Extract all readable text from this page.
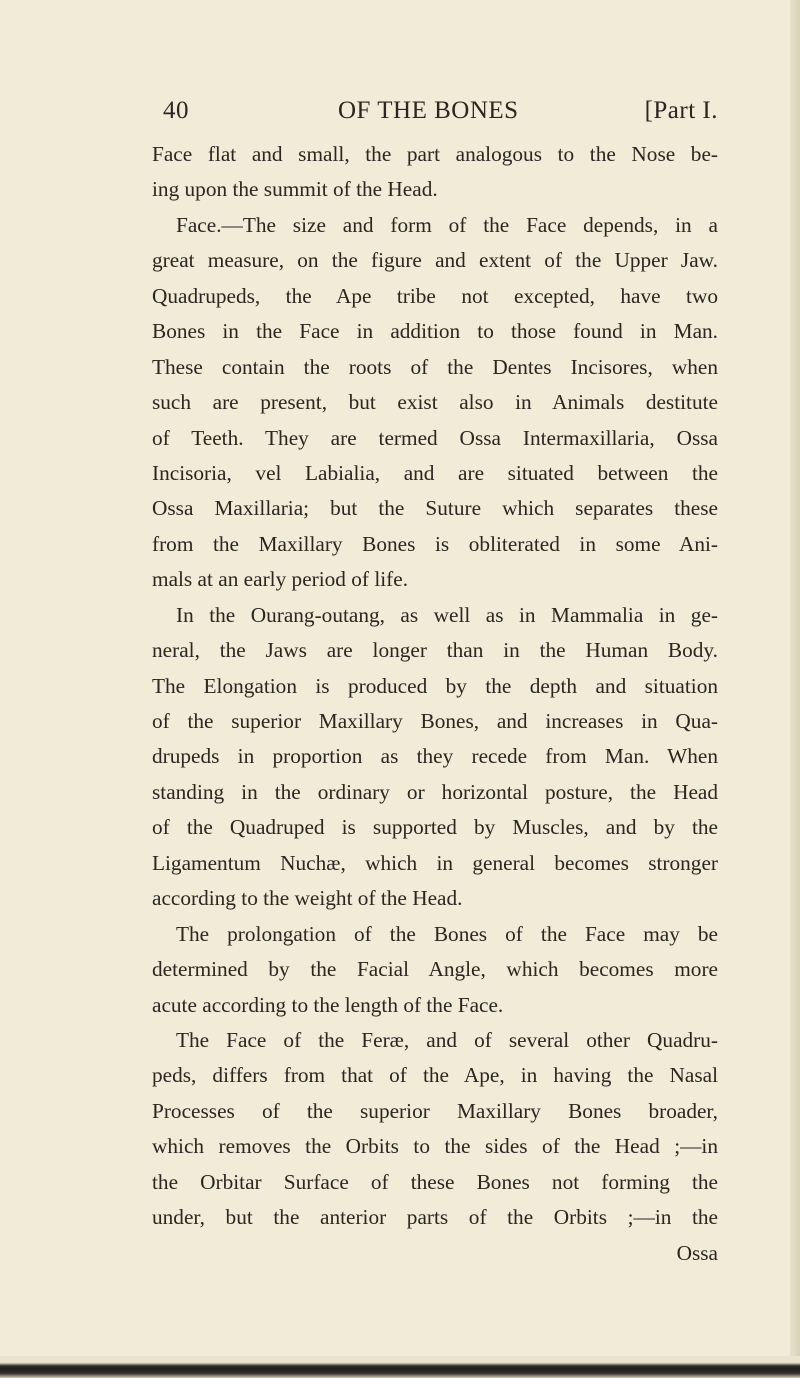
40	OF THE BONES	[Part I.
Face flat and small, the part analogous to the Nose be-
ing upon the summit of the Head.
Face.—The size and form of the Face depends, in a
great measure, on the figure and extent of the Upper Jaw.
Quadrupeds, the Ape tribe not excepted, have two
Bones in the Face in addition to those found in Man.
These contain the roots of the Dentes Incisores, when
such are present, but exist also in Animals destitute
of Teeth. They are termed Ossa Intermaxillaria, Ossa
Incisoria, vel Labialia, and are situated between the
Ossa Maxillaria; but the Suture which separates these
from the Maxillary Bones is obliterated in some Ani-
mals at an early period of life.
In the Ourang-outang, as well as in Mammalia in ge-
neral, the Jaws are longer than in the Human Body.
The Elongation is produced by the depth and situation
of the superior Maxillary Bones, and increases in Qua-
drupeds in proportion as they recede from Man. When
standing in the ordinary or horizontal posture, the Head
of the Quadruped is supported by Muscles, and by the
Ligamentum Nuchæ, which in general becomes stronger
according to the weight of the Head.
The prolongation of the Bones of the Face may be
determined by the Facial Angle, which becomes more
acute according to the length of the Face.
The Face of the Feræ, and of several other Quadru-
peds, differs from that of the Ape, in having the Nasal
Processes of the superior Maxillary Bones broader,
which removes the Orbits to the sides of the Head ;—in
the Orbitar Surface of these Bones not forming the
under, but the anterior parts of the Orbits ;—in the
Ossa
